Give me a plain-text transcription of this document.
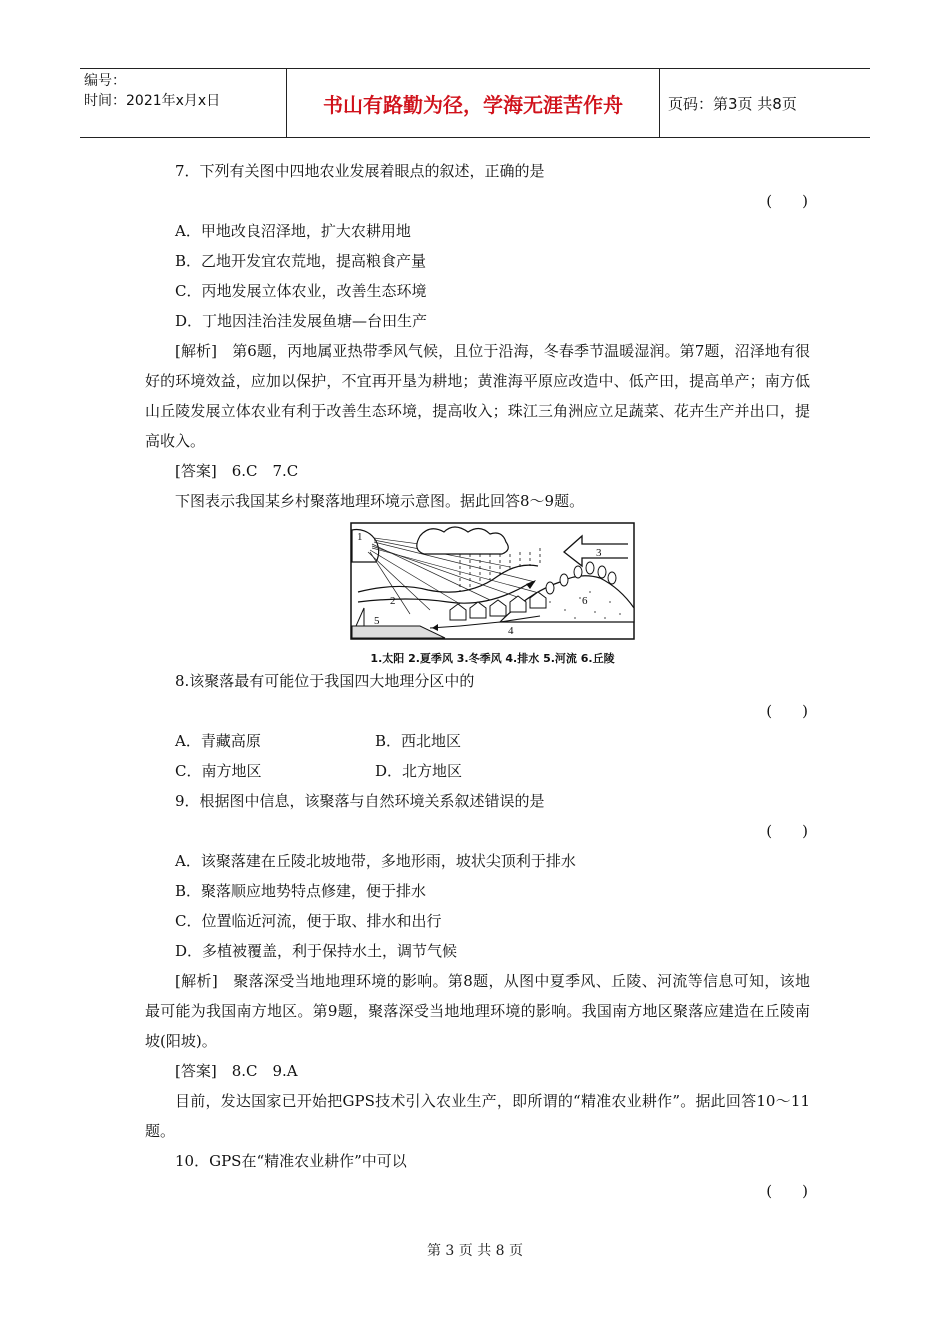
编号：
时间：2021年x月x日	书山有路勤为径，学海无涯苦作舟	页码：第3页 共8页
7．下列有关图中四地农业发展着眼点的叙述，正确的是
(　　)
A．甲地改良沼泽地，扩大农耕用地
B．乙地开发宜农荒地，提高粮食产量
C．丙地发展立体农业，改善生态环境
D．丁地因洼治洼发展鱼塘—台田生产
[解析]　第6题，丙地属亚热带季风气候，且位于沿海，冬春季节温暖湿润。第7题，沼泽地有很好的环境效益，应加以保护，不宜再开垦为耕地；黄淮海平原应改造中、低产田，提高单产；南方低山丘陵发展立体农业有利于改善生态环境，提高收入；珠江三角洲应立足蔬菜、花卉生产并出口，提高收入。
[答案]　6.C　7.C
下图表示我国某乡村聚落地理环境示意图。据此回答8～9题。
1
2
3
4
5
6
1.太阳 2.夏季风 3.冬季风 4.排水 5.河流 6.丘陵
8.该聚落最有可能位于我国四大地理分区中的
(　　)
A．青藏高原	B．西北地区
C．南方地区	D．北方地区
9．根据图中信息，该聚落与自然环境关系叙述错误的是
(　　)
A．该聚落建在丘陵北坡地带，多地形雨，坡状尖顶利于排水
B．聚落顺应地势特点修建，便于排水
C．位置临近河流，便于取、排水和出行
D．多植被覆盖，利于保持水土，调节气候
[解析]　聚落深受当地地理环境的影响。第8题，从图中夏季风、丘陵、河流等信息可知，该地最可能为我国南方地区。第9题，聚落深受当地地理环境的影响。我国南方地区聚落应建造在丘陵南坡(阳坡)。
[答案]　8.C　9.A
目前，发达国家已开始把GPS技术引入农业生产，即所谓的“精准农业耕作”。据此回答10～11题。
10．GPS在“精准农业耕作”中可以
(　　)
第 3 页 共 8 页
